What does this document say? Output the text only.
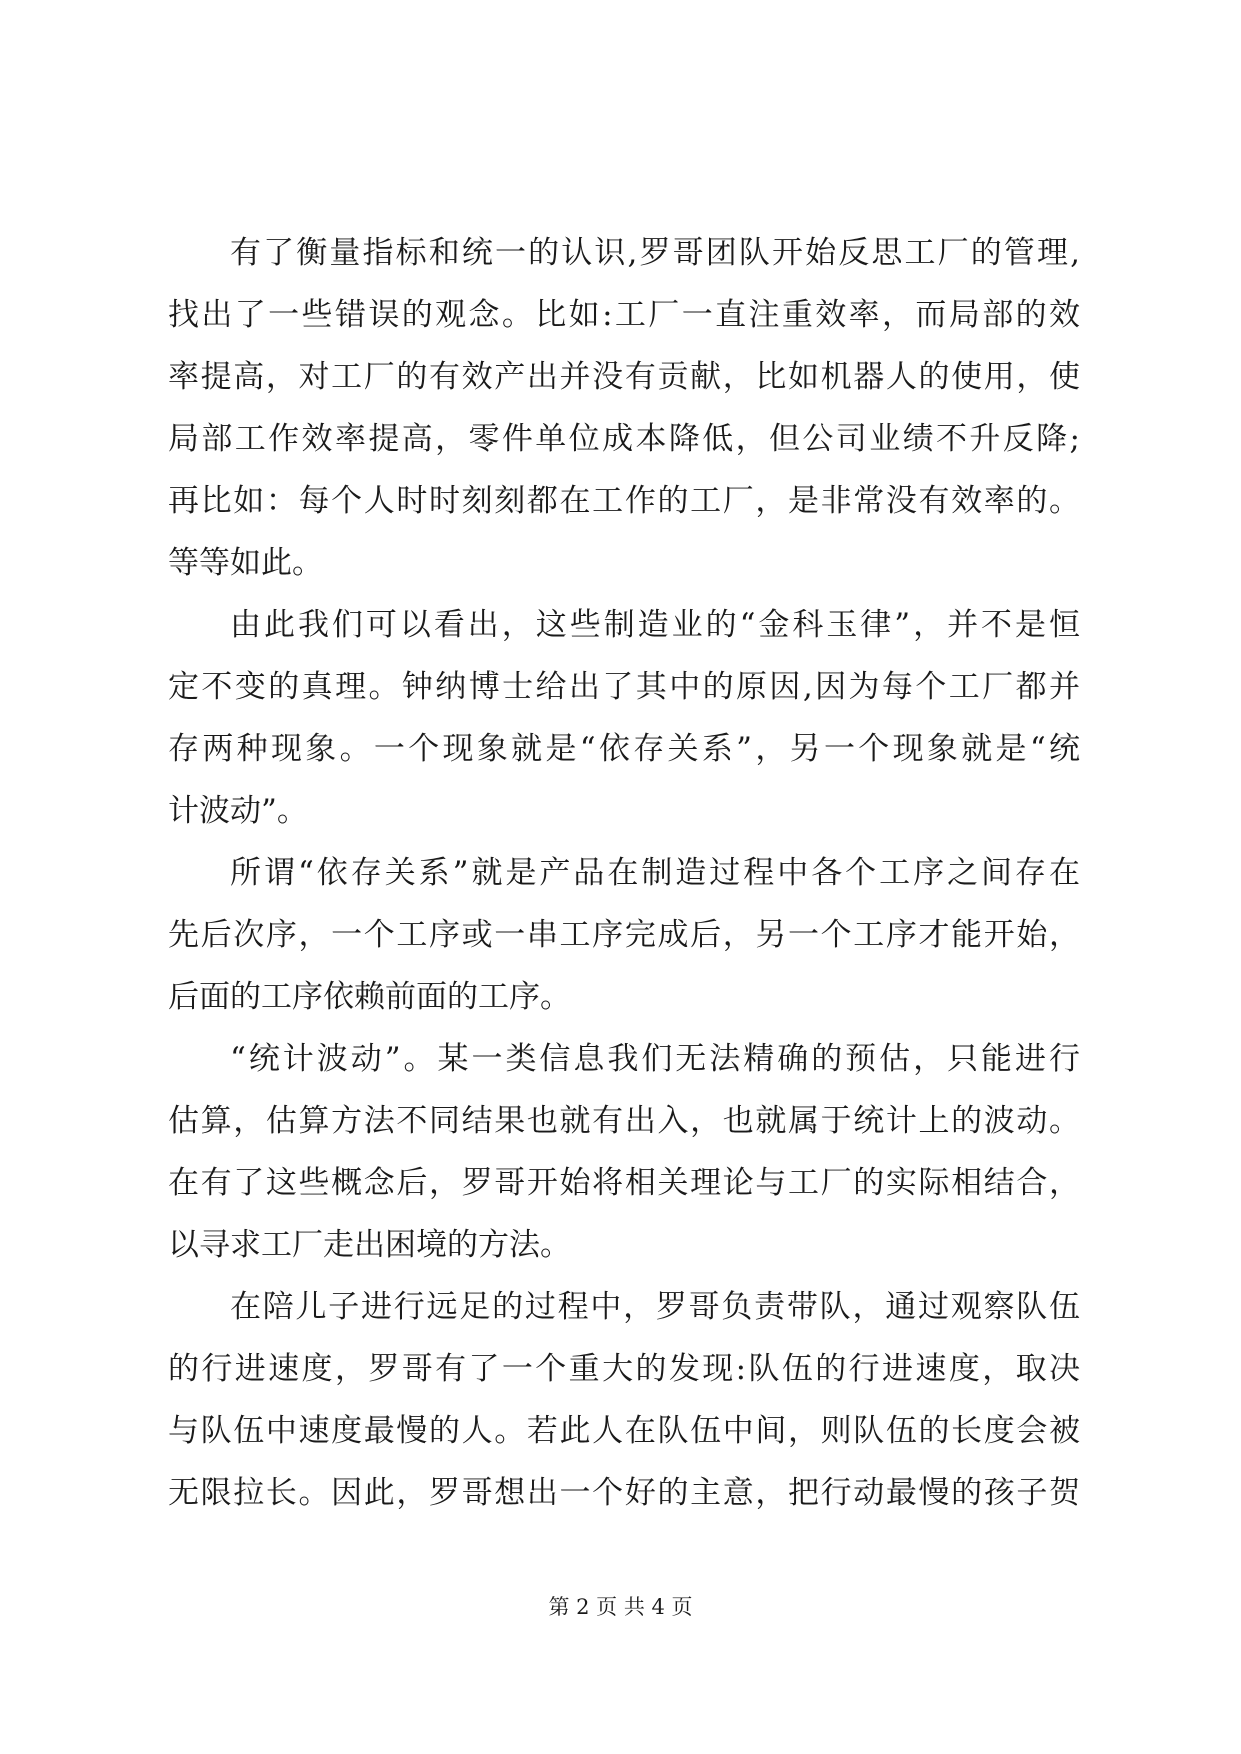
有了衡量指标和统一的认识,罗哥团队开始反思工厂的管理,
找出了一些错误的观念。比如:工厂一直注重效率，而局部的效
率提高，对工厂的有效产出并没有贡献，比如机器人的使用，使
局部工作效率提高，零件单位成本降低，但公司业绩不升反降;
再比如：每个人时时刻刻都在工作的工厂，是非常没有效率的。
等等如此。
由此我们可以看出，这些制造业的“金科玉律”，并不是恒
定不变的真理。钟纳博士给出了其中的原因,因为每个工厂都并
存两种现象。一个现象就是“依存关系”，另一个现象就是“统
计波动”。
所谓“依存关系”就是产品在制造过程中各个工序之间存在
先后次序，一个工序或一串工序完成后，另一个工序才能开始，
后面的工序依赖前面的工序。
“统计波动”。某一类信息我们无法精确的预估，只能进行
估算，估算方法不同结果也就有出入，也就属于统计上的波动。
在有了这些概念后，罗哥开始将相关理论与工厂的实际相结合，
以寻求工厂走出困境的方法。
在陪儿子进行远足的过程中，罗哥负责带队，通过观察队伍
的行进速度，罗哥有了一个重大的发现:队伍的行进速度，取决
与队伍中速度最慢的人。若此人在队伍中间，则队伍的长度会被
无限拉长。因此，罗哥想出一个好的主意，把行动最慢的孩子贺
第 2 页 共 4 页
